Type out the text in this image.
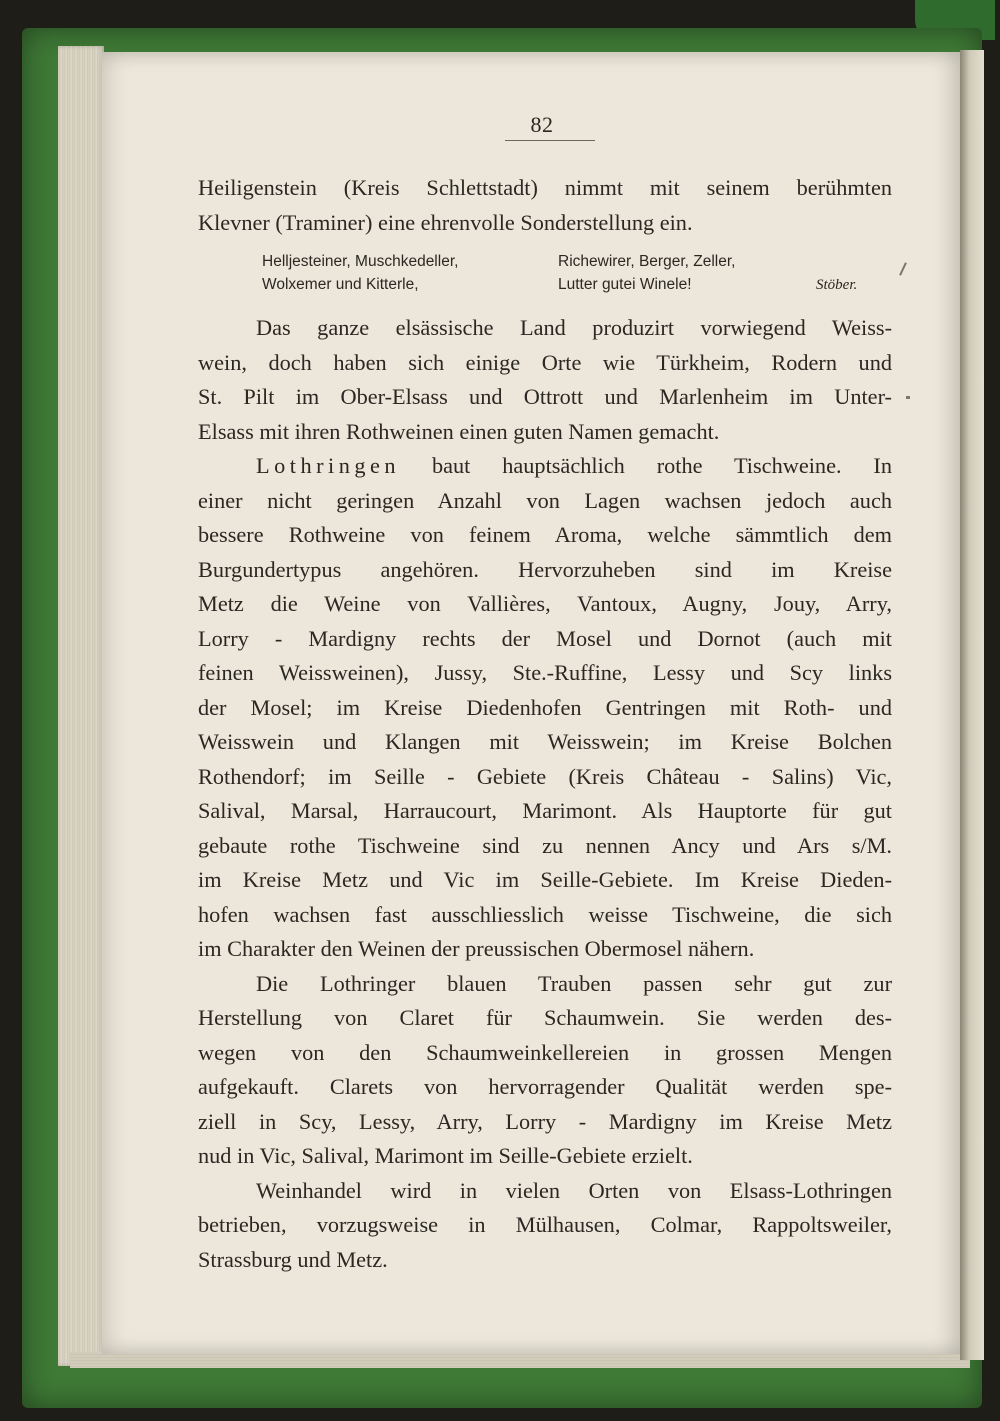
82
Heiligenstein (Kreis Schlettstadt) nimmt mit seinem berühmten
Klevner (Traminer) eine ehrenvolle Sonderstellung ein.
Helljesteiner, Muschkedeller,
Wolxemer und Kitterle,
Richewirer, Berger, Zeller,
Lutter gutei Winele!	Stöber.
Das ganze elsässische Land produzirt vorwiegend Weiss-
wein, doch haben sich einige Orte wie Türkheim, Rodern und
St. Pilt im Ober-Elsass und Ottrott und Marlenheim im Unter-
Elsass mit ihren Rothweinen einen guten Namen gemacht.
Lothringen baut hauptsächlich rothe Tischweine. In
einer nicht geringen Anzahl von Lagen wachsen jedoch auch
bessere Rothweine von feinem Aroma, welche sämmtlich dem
Burgundertypus angehören. Hervorzuheben sind im Kreise
Metz die Weine von Vallières, Vantoux, Augny, Jouy, Arry,
Lorry - Mardigny rechts der Mosel und Dornot (auch mit
feinen Weissweinen), Jussy, Ste.-Ruffine, Lessy und Scy links
der Mosel; im Kreise Diedenhofen Gentringen mit Roth- und
Weisswein und Klangen mit Weisswein; im Kreise Bolchen
Rothendorf; im Seille - Gebiete (Kreis Château - Salins) Vic,
Salival, Marsal, Harraucourt, Marimont. Als Hauptorte für gut
gebaute rothe Tischweine sind zu nennen Ancy und Ars s/M.
im Kreise Metz und Vic im Seille-Gebiete. Im Kreise Dieden-
hofen wachsen fast ausschliesslich weisse Tischweine, die sich
im Charakter den Weinen der preussischen Obermosel nähern.
Die Lothringer blauen Trauben passen sehr gut zur
Herstellung von Claret für Schaumwein. Sie werden des-
wegen von den Schaumweinkellereien in grossen Mengen
aufgekauft. Clarets von hervorragender Qualität werden spe-
ziell in Scy, Lessy, Arry, Lorry - Mardigny im Kreise Metz
nud in Vic, Salival, Marimont im Seille-Gebiete erzielt.
Weinhandel wird in vielen Orten von Elsass-Lothringen
betrieben, vorzugsweise in Mülhausen, Colmar, Rappoltsweiler,
Strassburg und Metz.
